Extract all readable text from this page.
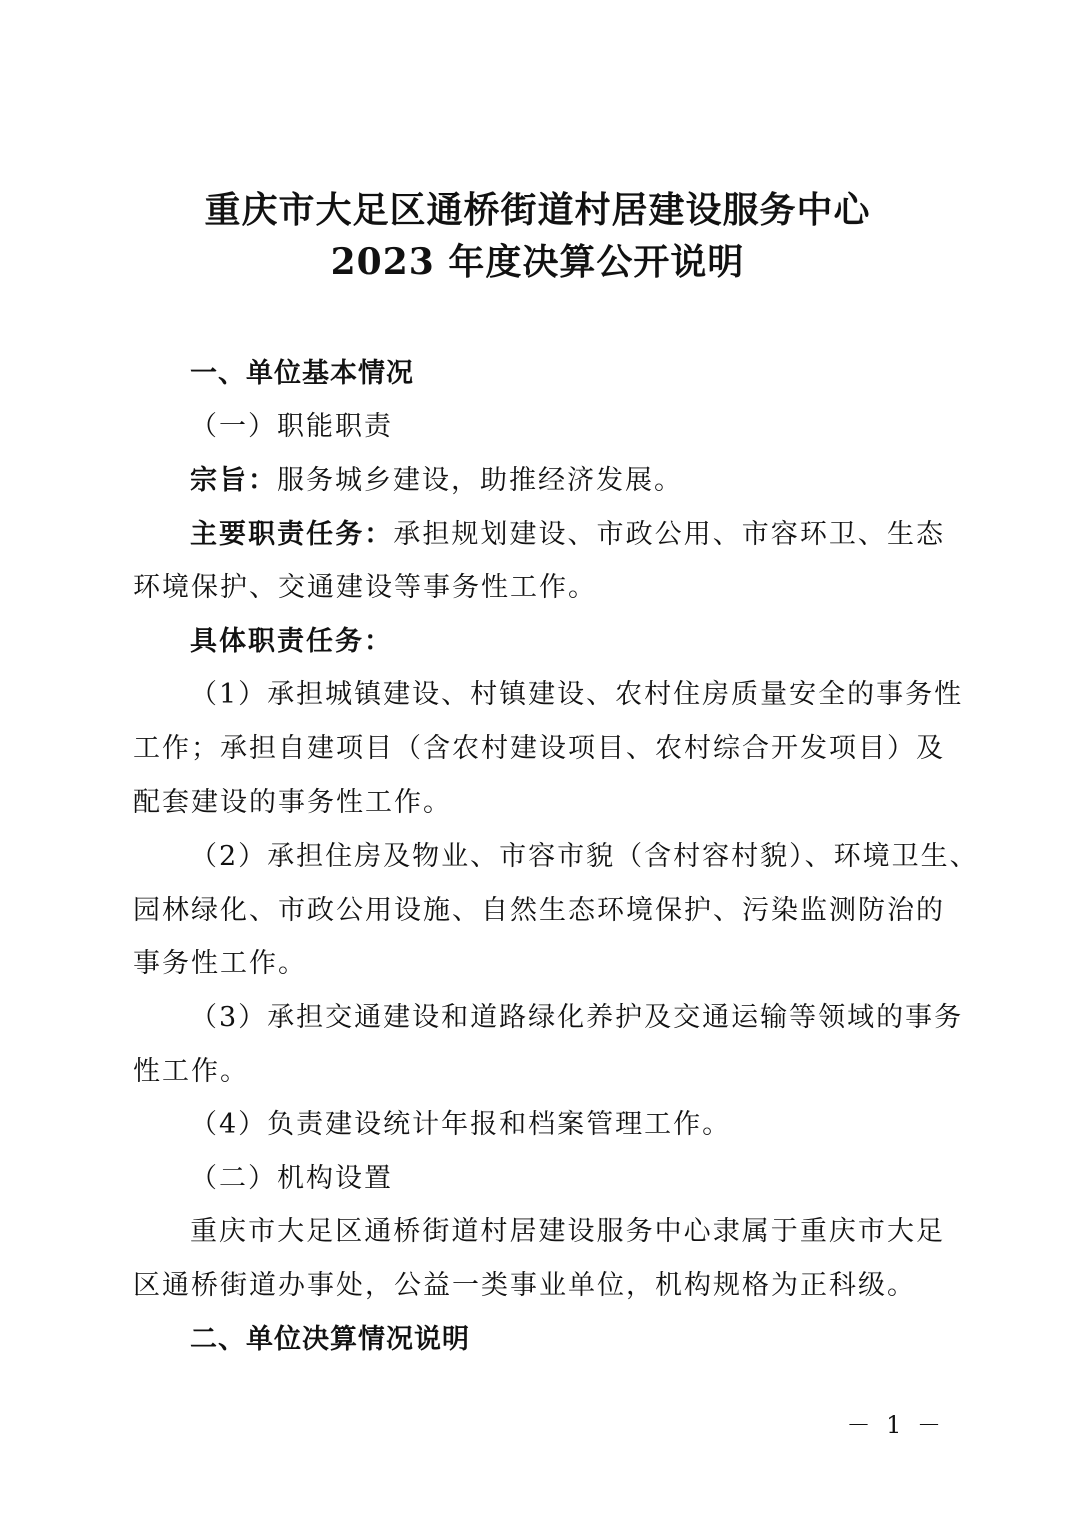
重庆市大足区通桥街道村居建设服务中心
2023 年度决算公开说明
一、单位基本情况
（一）职能职责
宗旨：服务城乡建设，助推经济发展。
主要职责任务：承担规划建设、市政公用、市容环卫、生态
环境保护、交通建设等事务性工作。
具体职责任务：
（1）承担城镇建设、村镇建设、农村住房质量安全的事务性
工作；承担自建项目（含农村建设项目、农村综合开发项目）及
配套建设的事务性工作。
（2）承担住房及物业、市容市貌（含村容村貌）、环境卫生、
园林绿化、市政公用设施、自然生态环境保护、污染监测防治的
事务性工作。
（3）承担交通建设和道路绿化养护及交通运输等领域的事务
性工作。
（4）负责建设统计年报和档案管理工作。
（二）机构设置
重庆市大足区通桥街道村居建设服务中心隶属于重庆市大足
区通桥街道办事处，公益一类事业单位，机构规格为正科级。
二、单位决算情况说明
－ 1 －
